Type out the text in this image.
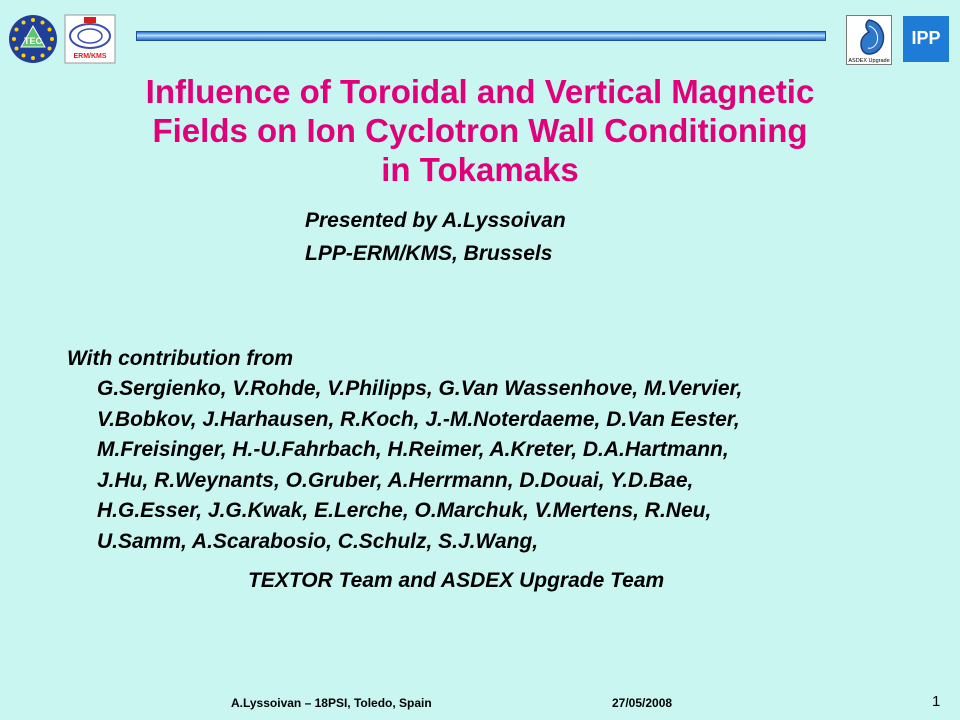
TEC
ERM/KMS
ASDEX Upgrade
IPP
Influence of Toroidal and Vertical Magnetic
Fields on Ion Cyclotron Wall Conditioning
in Tokamaks
Presented by A.Lyssoivan
LPP-ERM/KMS, Brussels
With contribution from
G.Sergienko, V.Rohde, V.Philipps, G.Van Wassenhove, M.Vervier,
V.Bobkov, J.Harhausen, R.Koch, J.-M.Noterdaeme, D.Van Eester,
M.Freisinger, H.-U.Fahrbach, H.Reimer, A.Kreter, D.A.Hartmann,
J.Hu, R.Weynants, O.Gruber, A.Herrmann, D.Douai, Y.D.Bae,
H.G.Esser, J.G.Kwak, E.Lerche, O.Marchuk, V.Mertens, R.Neu,
U.Samm, A.Scarabosio, C.Schulz, S.J.Wang,
TEXTOR Team and ASDEX Upgrade Team
A.Lyssoivan – 18PSI, Toledo, Spain	27/05/2008	1
